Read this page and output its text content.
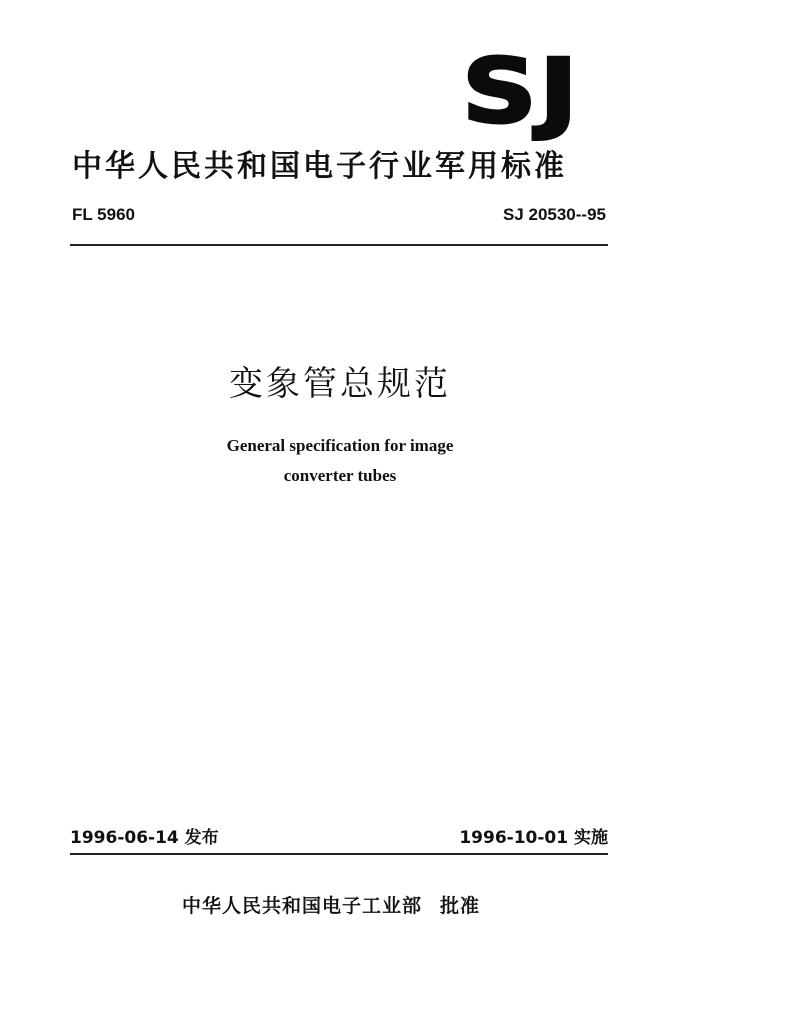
SJ
中华人民共和国电子行业军用标准
FL 5960	SJ 20530--95
变象管总规范
General specification for image
converter tubes
1996-06-14 发布	1996-10-01 实施
中华人民共和国电子工业部 批准
